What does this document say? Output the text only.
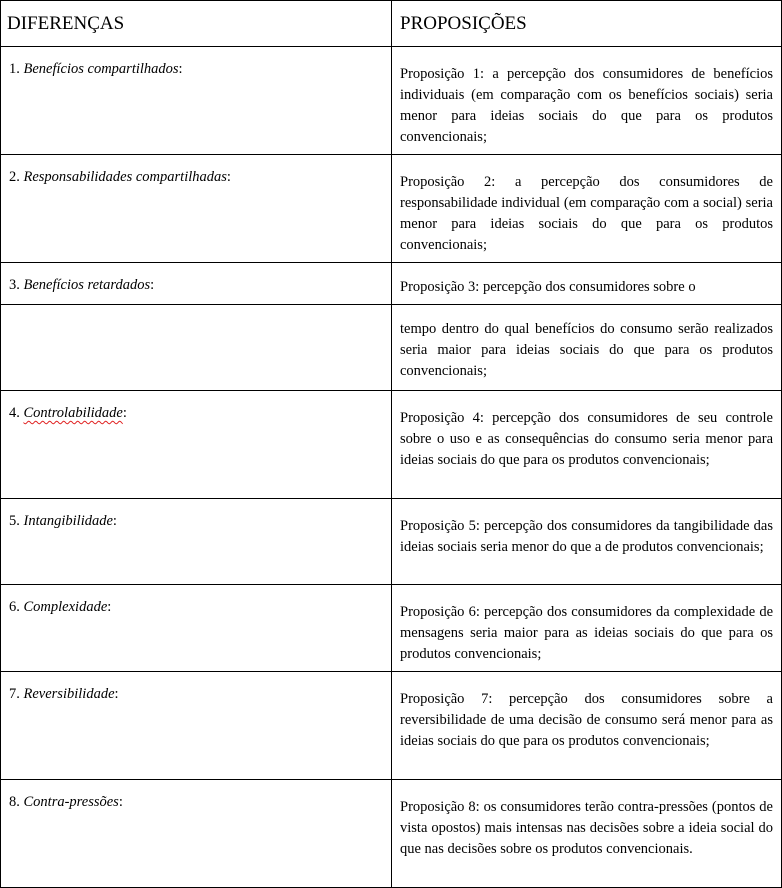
DIFERENÇAS	PROPOSIÇÕES
1. Benefícios compartilhados:	Proposição 1: a percepção dos consumidores de benefícios individuais (em comparação com os benefícios sociais) seria menor para ideias sociais do que para os produtos convencionais;
2. Responsabilidades compartilhadas:	Proposição 2: a percepção dos consumidores de responsabilidade individual (em comparação com a social) seria menor para ideias sociais do que para os produtos convencionais;
3. Benefícios retardados:	Proposição 3: percepção dos consumidores sobre o
	tempo dentro do qual benefícios do consumo serão realizados seria maior para ideias sociais do que para os produtos convencionais;
4. Controlabilidade:	Proposição 4: percepção dos consumidores de seu controle sobre o uso e as consequências do consumo seria menor para ideias sociais do que para os produtos convencionais;
5. Intangibilidade:	Proposição 5: percepção dos consumidores da tangibilidade das ideias sociais seria menor do que a de produtos convencionais;
6. Complexidade:	Proposição 6: percepção dos consumidores da complexidade de mensagens seria maior para as ideias sociais do que para os produtos convencionais;
7. Reversibilidade:	Proposição 7: percepção dos consumidores sobre a reversibilidade de uma decisão de consumo será menor para as ideias sociais do que para os produtos convencionais;
8. Contra-pressões:	Proposição 8: os consumidores terão contra-pressões (pontos de vista opostos) mais intensas nas decisões sobre a ideia social do que nas decisões sobre os produtos convencionais.
